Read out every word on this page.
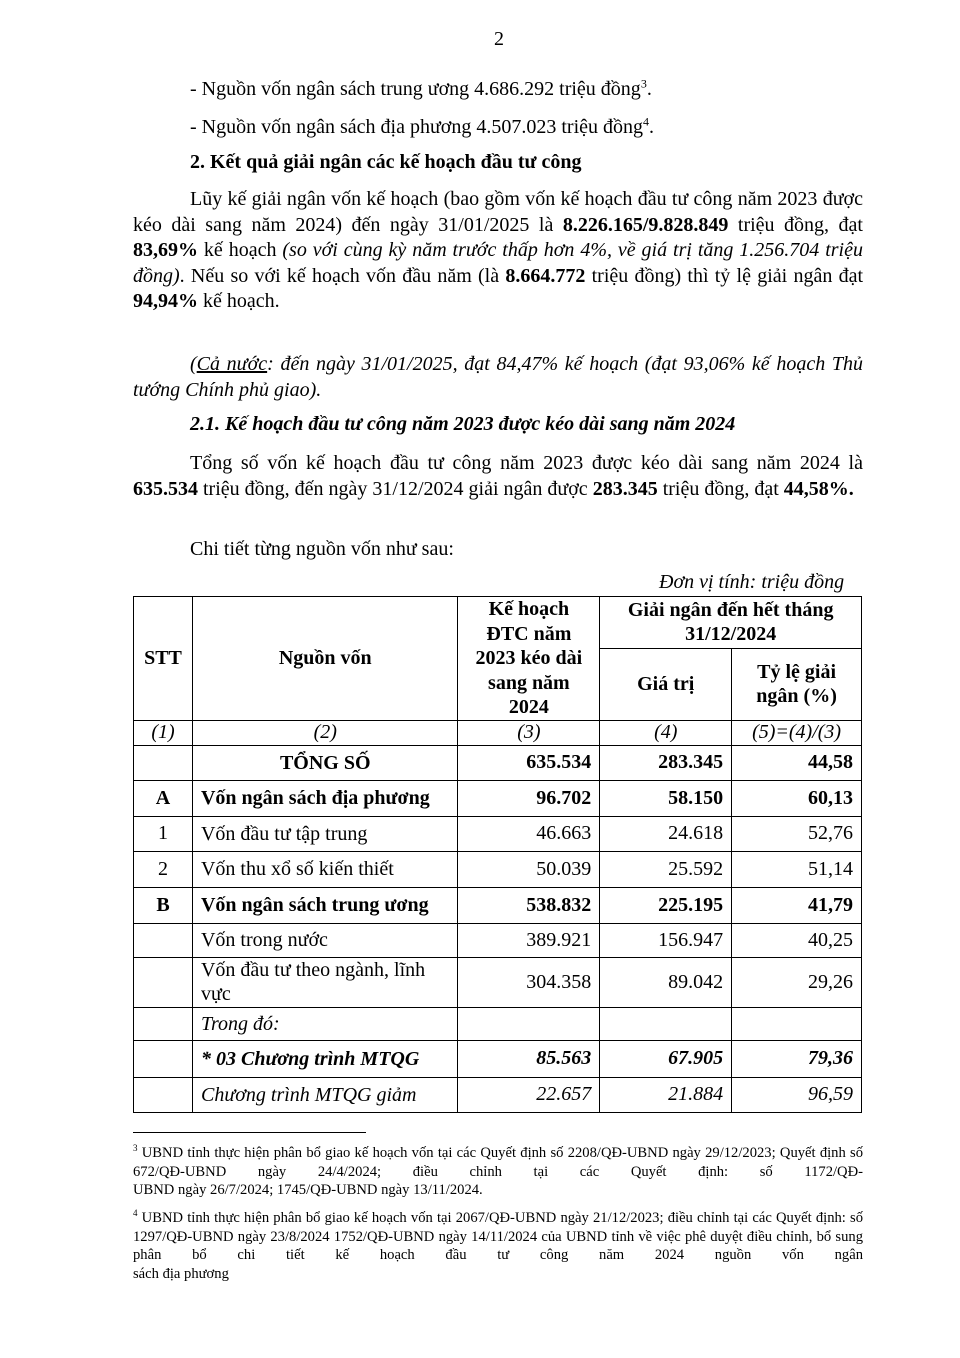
2
- Nguồn vốn ngân sách trung ương 4.686.292 triệu đồng$^3$.
- Nguồn vốn ngân sách địa phương 4.507.023 triệu đồng$^4$.
2. Kết quả giải ngân các kế hoạch đầu tư công
Lũy kế giải ngân vốn kế hoạch (bao gồm vốn kế hoạch đầu tư công năm 2023 được kéo dài sang năm 2024) đến ngày 31/01/2025 là 8.226.165/9.828.849 triệu đồng, đạt 83,69% kế hoạch (so với cùng kỳ năm trước thấp hơn 4%, về giá trị tăng 1.256.704 triệu đồng). Nếu so với kế hoạch vốn đầu năm (là 8.664.772 triệu đồng) thì tỷ lệ giải ngân đạt 94,94% kế hoạch.
(Cả nước: đến ngày 31/01/2025, đạt 84,47% kế hoạch (đạt 93,06% kế hoạch Thủ tướng Chính phủ giao).
2.1. Kế hoạch đầu tư công năm 2023 được kéo dài sang năm 2024
Tổng số vốn kế hoạch đầu tư công năm 2023 được kéo dài sang năm 2024 là 635.534 triệu đồng, đến ngày 31/12/2024 giải ngân được 283.345 triệu đồng, đạt 44,58%.
Chi tiết từng nguồn vốn như sau:
Đơn vị tính: triệu đồng
STT	Nguồn vốn	Kế hoạch
ĐTC năm
2023 kéo dài
sang năm
2024	Giải ngân đến hết tháng
31/12/2024	
			Giá trị	Tỷ lệ giải
ngân (%)
(1)	(2)	(3)	(4)	(5)=(4)/(3)
	TỔNG SỐ	635.534	283.345	44,58
A	Vốn ngân sách địa phương	96.702	58.150	60,13
1	Vốn đầu tư tập trung	46.663	24.618	52,76
2	Vốn thu xổ số kiến thiết	50.039	25.592	51,14
B	Vốn ngân sách trung ương	538.832	225.195	41,79
	Vốn trong nước	389.921	156.947	40,25
	Vốn đầu tư theo ngành, lĩnh vực	304.358	89.042	29,26
	Trong đó:			
	* 03 Chương trình MTQG	85.563	67.905	79,36
	Chương trình MTQG giảm	22.657	21.884	96,59
$^3$ UBND tỉnh thực hiện phân bổ giao kế hoạch vốn tại các Quyết định số 2208/QĐ-UBND ngày 29/12/2023; Quyết định số 672/QĐ-UBND ngày 24/4/2024; điều chỉnh tại các Quyết định: số 1172/QĐ-
UBND ngày 26/7/2024; 1745/QĐ-UBND ngày 13/11/2024.
$^4$ UBND tỉnh thực hiện phân bổ giao kế hoạch vốn tại 2067/QĐ-UBND ngày 21/12/2023; điều chỉnh tại các Quyết định: số 1297/QĐ-UBND ngày 23/8/2024 1752/QĐ-UBND ngày 14/11/2024 của UBND tỉnh về việc phê duyệt điều chỉnh, bổ sung phân bổ chi tiết kế hoạch đầu tư công năm 2024 nguồn vốn ngân
sách địa phương
